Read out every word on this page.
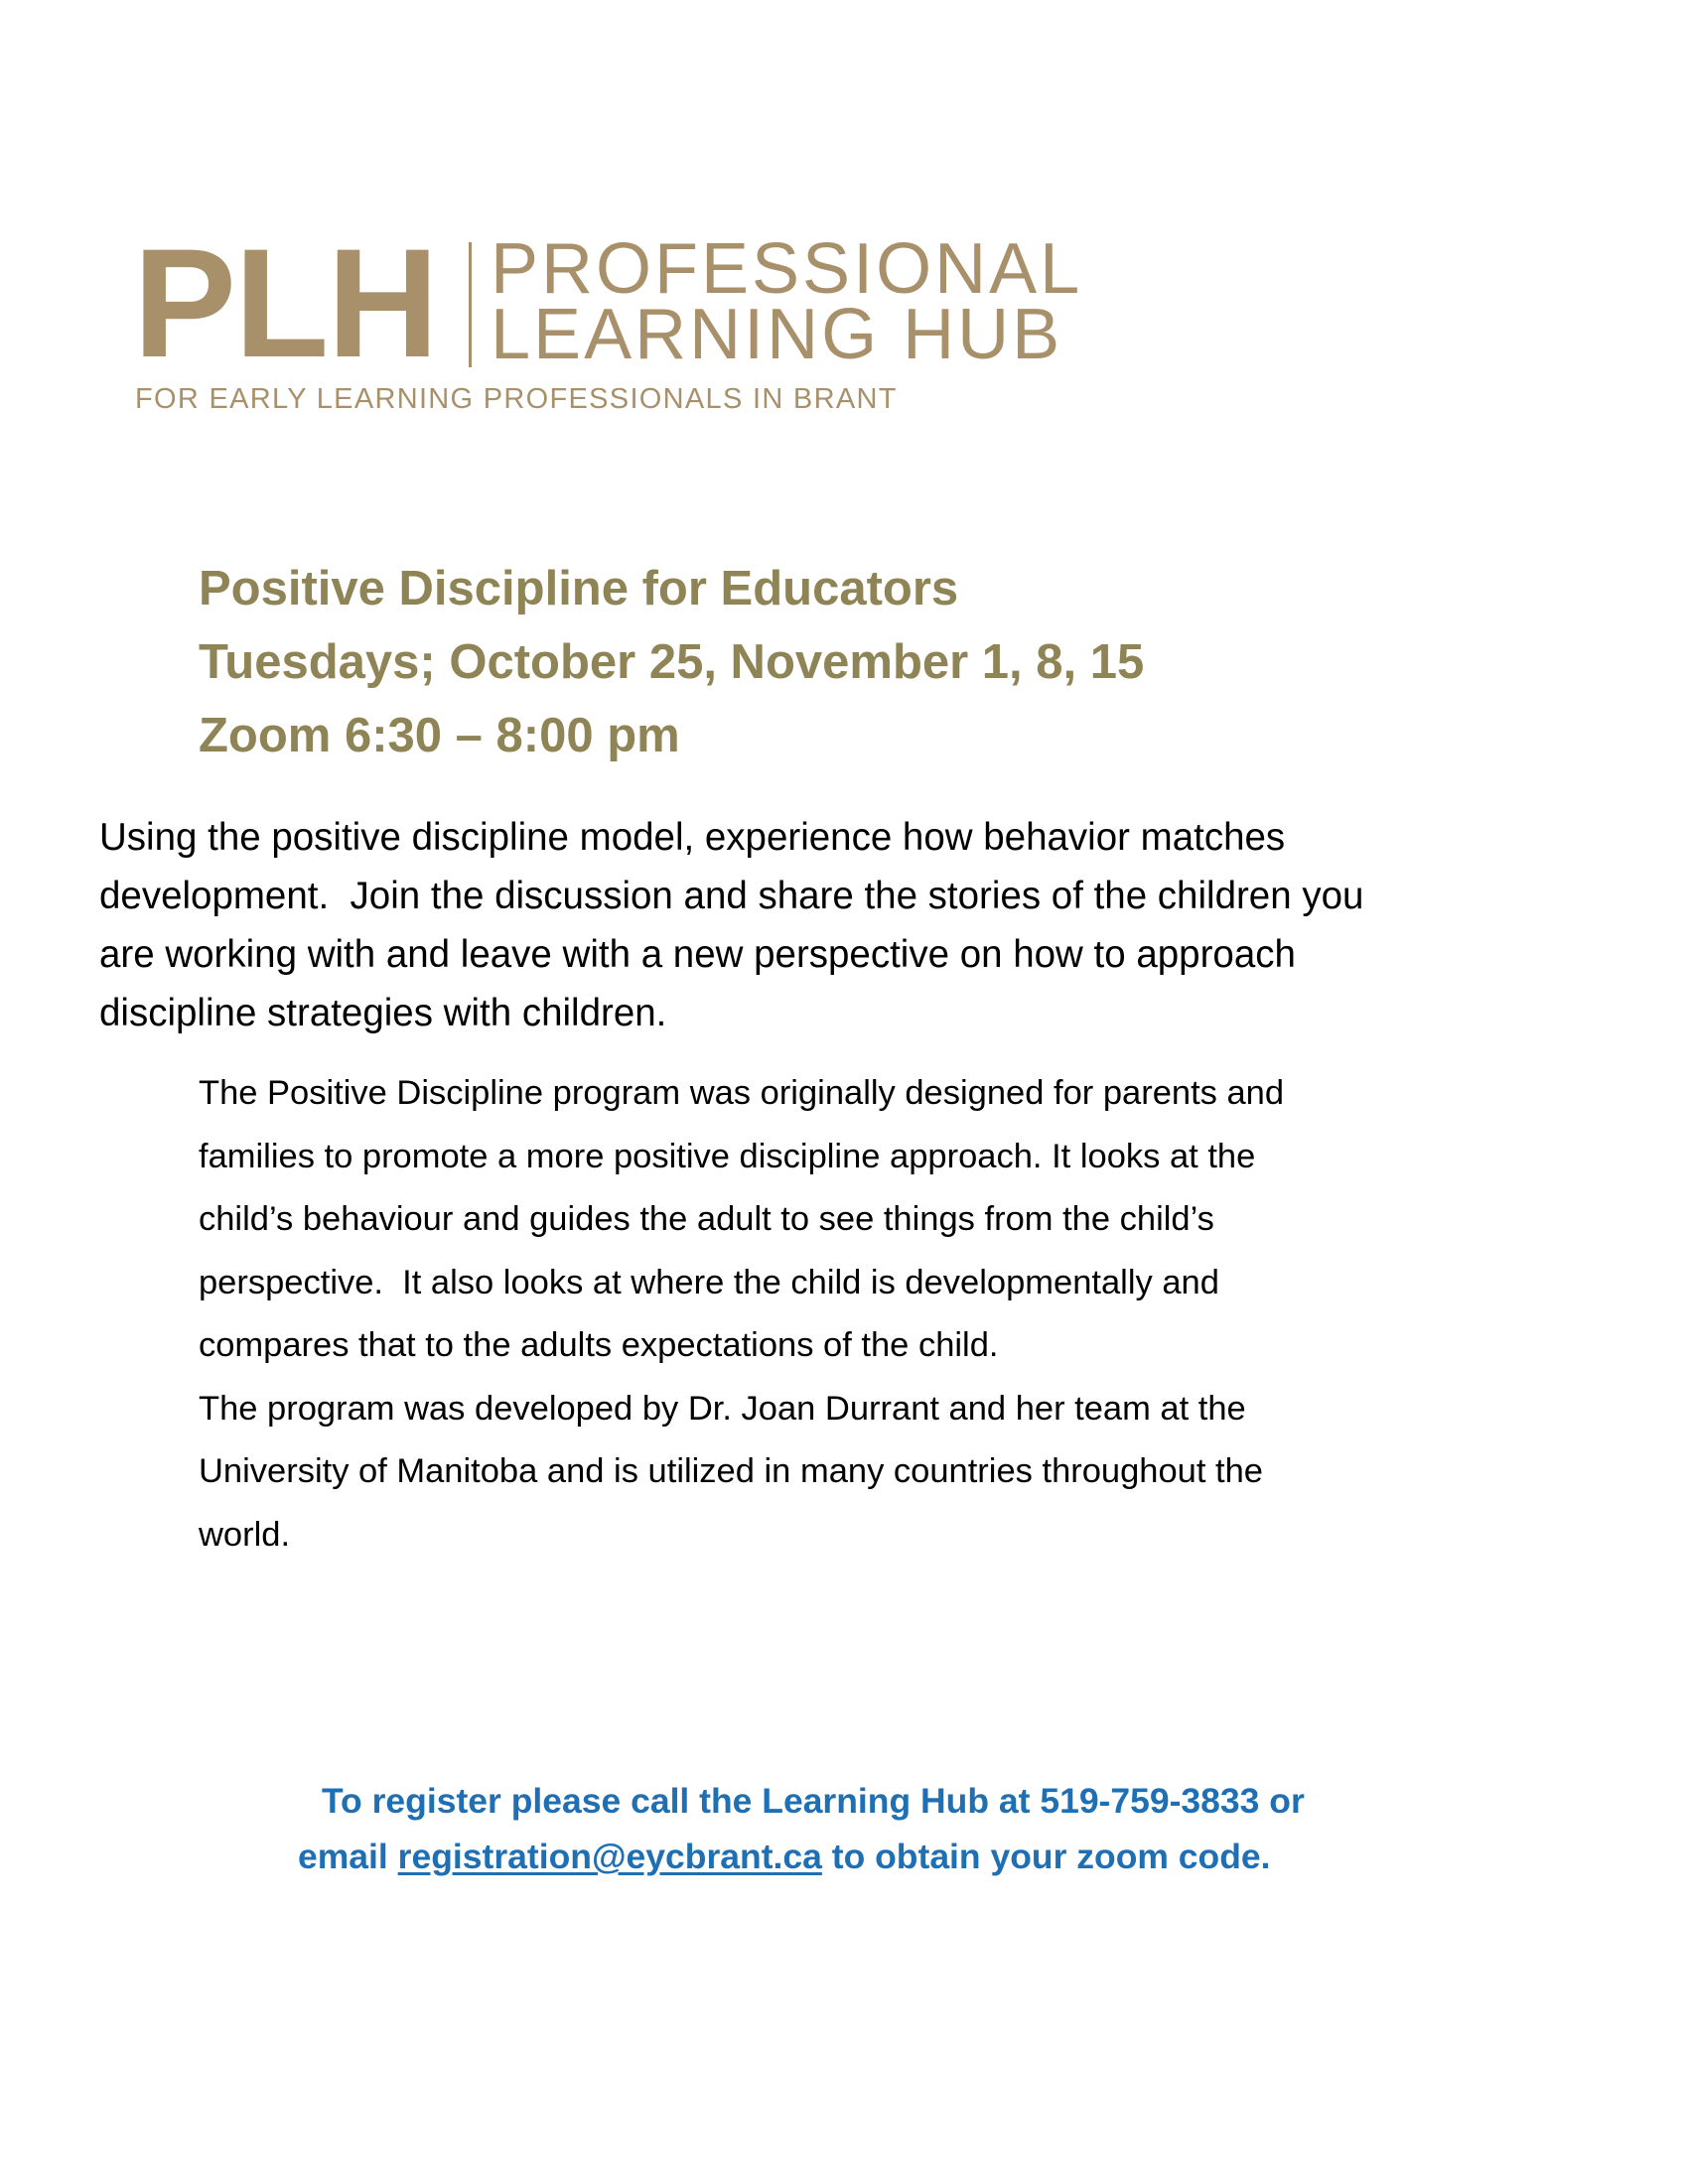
PLH PROFESSIONAL
LEARNING HUB
FOR EARLY LEARNING PROFESSIONALS IN BRANT
Positive Discipline for Educators
Tuesdays; October 25, November 1, 8, 15
Zoom 6:30 – 8:00 pm
Using the positive discipline model, experience how behavior matches
development.  Join the discussion and share the stories of the children you
are working with and leave with a new perspective on how to approach
discipline strategies with children.

The Positive Discipline program was originally designed for parents and
families to promote a more positive discipline approach. It looks at the
child’s behaviour and guides the adult to see things from the child’s
perspective.  It also looks at where the child is developmentally and
compares that to the adults expectations of the child.

The program was developed by Dr. Joan Durrant and her team at the
University of Manitoba and is utilized in many countries throughout the
world.

To register please call the Learning Hub at 519-759-3833 or
email registration@eycbrant.ca to obtain your zoom code.
